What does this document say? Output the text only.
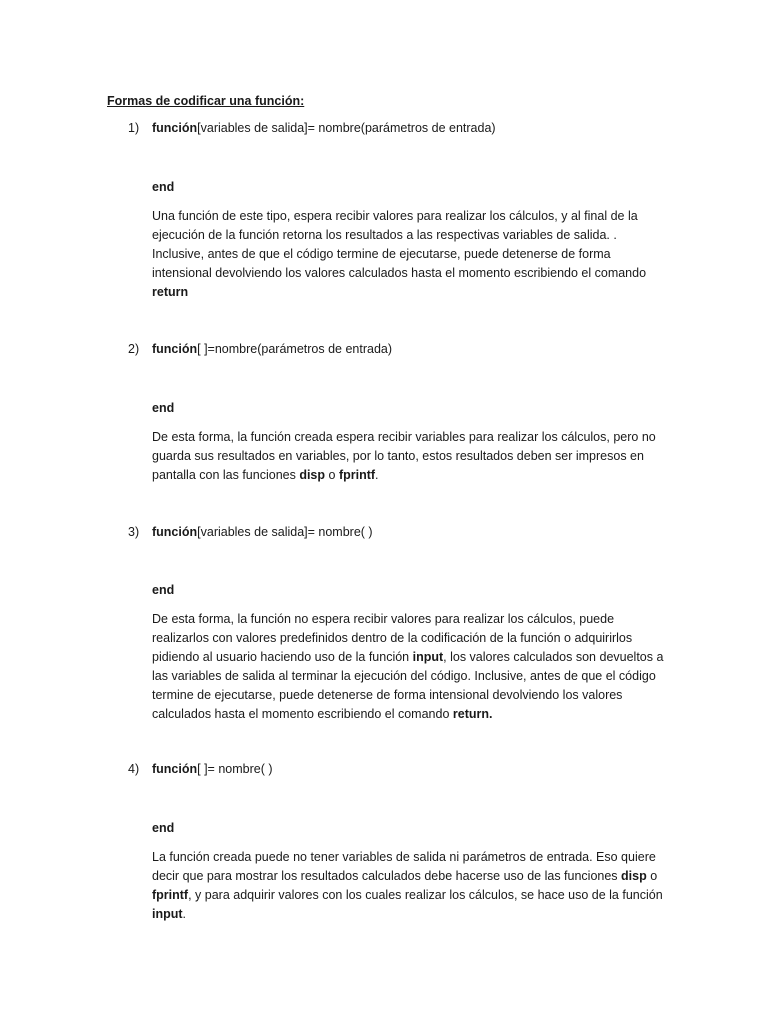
Formas de codificar una función:
1) función[variables de salida]= nombre(parámetros de entrada)
end
Una función de este tipo, espera recibir valores para realizar los cálculos, y al final de la ejecución de la función retorna los resultados a las respectivas variables de salida. . Inclusive, antes de que el código termine de ejecutarse, puede detenerse de forma intensional devolviendo los valores calculados hasta el momento escribiendo el comando return
2) función[ ]=nombre(parámetros de entrada)
end
De esta forma, la función creada espera recibir variables para realizar los cálculos, pero no guarda sus resultados en variables, por lo tanto, estos resultados deben ser impresos en pantalla con las funciones disp o fprintf.
3) función[variables de salida]= nombre( )
end
De esta forma, la función no espera recibir valores para realizar los cálculos, puede realizarlos con valores predefinidos dentro de la codificación de la función o adquirirlos pidiendo al usuario haciendo uso de la función input, los valores calculados son devueltos a las variables de salida al terminar la ejecución del código. Inclusive, antes de que el código termine de ejecutarse, puede detenerse de forma intensional devolviendo los valores calculados hasta el momento escribiendo el comando return.
4) función[ ]= nombre( )
end
La función creada puede no tener variables de salida ni parámetros de entrada. Eso quiere decir que para mostrar los resultados calculados debe hacerse uso de las funciones disp o fprintf, y para adquirir valores con los cuales realizar los cálculos, se hace uso de la función input.
